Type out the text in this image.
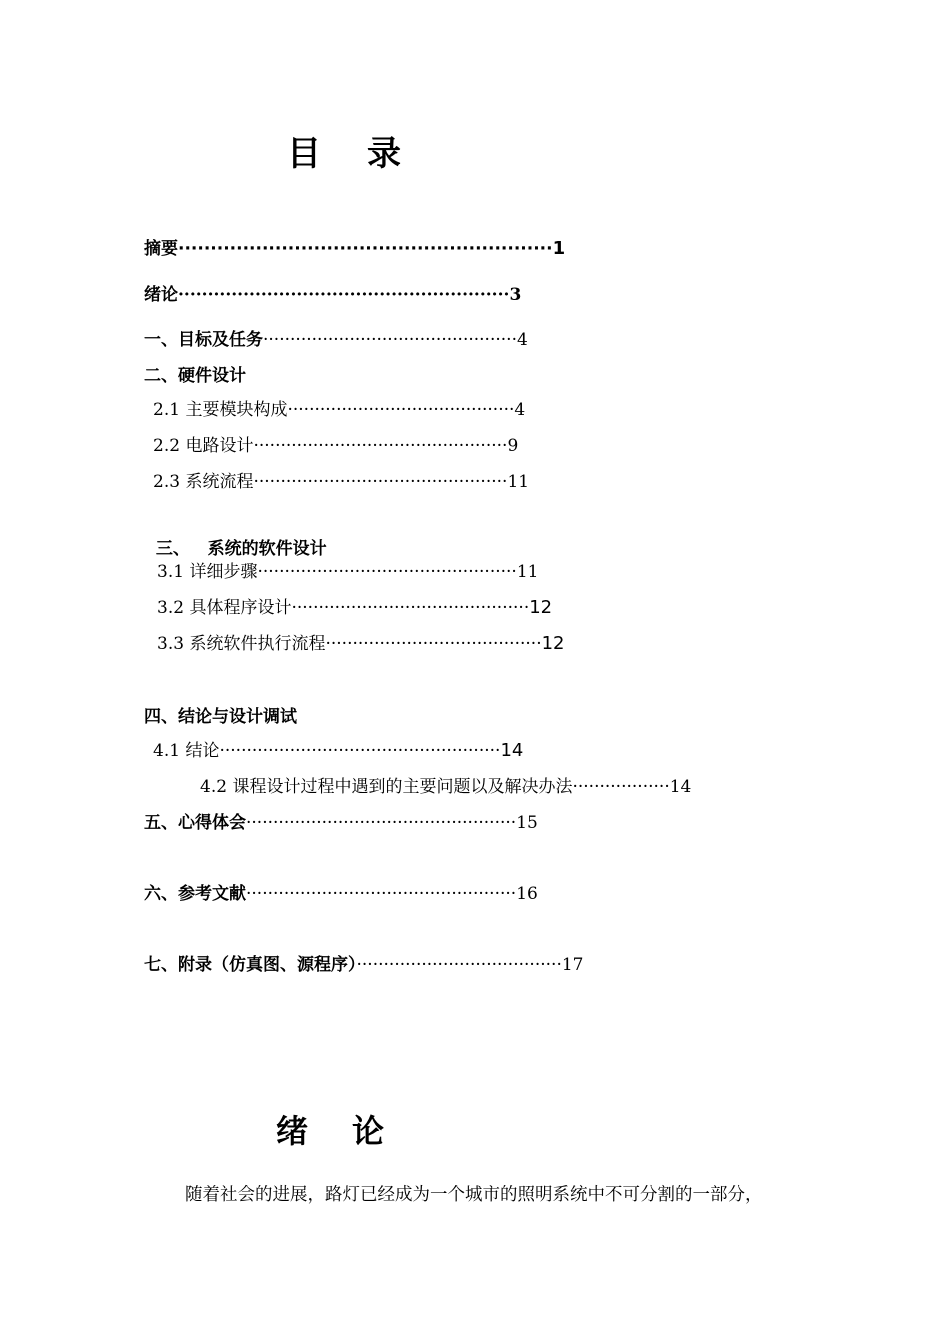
目　录
摘要··························································1
绪论························································3
一、目标及任务···············································4
二、硬件设计
2.1 主要模块构成··········································4
2.2 电路设计···············································9
2.3 系统流程···············································11

三、   系统的软件设计

3.1 详细步骤················································11
3.2 具体程序设计············································12
3.3 系统软件执行流程········································12
四、结论与设计调试
4.1 结论····················································14
4.2 课程设计过程中遇到的主要问题以及解决办法··················14
五、心得体会··················································15
六、参考文献··················································16
七、附录（仿真图、源程序）······································17
绪　论

随着社会的进展，路灯已经成为一个城市的照明系统中不可分割的一部分，
